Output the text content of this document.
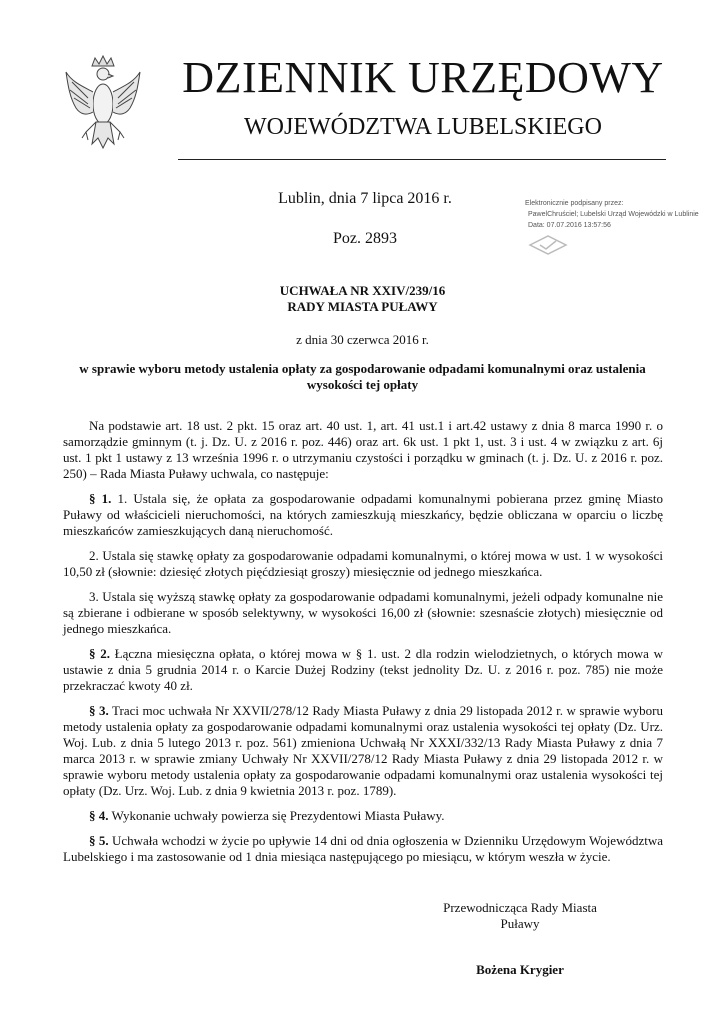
DZIENNIK URZĘDOWY
WOJEWÓDZTWA LUBELSKIEGO
Lublin, dnia 7 lipca 2016 r.
Poz. 2893
Elektronicznie podpisany przez:
PawelChruściel; Lubelski Urząd Wojewódzki w Lublinie
Data: 07.07.2016 13:57:56
UCHWAŁA NR XXIV/239/16
RADY MIASTA PUŁAWY
z dnia 30 czerwca 2016 r.
w sprawie wyboru metody ustalenia opłaty za gospodarowanie odpadami komunalnymi oraz ustalenia wysokości tej opłaty

Na podstawie art. 18 ust. 2 pkt. 15 oraz art. 40 ust. 1, art. 41 ust.1 i art.42 ustawy z dnia 8 marca 1990 r. o samorządzie gminnym (t. j. Dz. U. z 2016 r. poz. 446) oraz art. 6k ust. 1 pkt 1, ust. 3 i ust. 4 w związku z art. 6j ust. 1 pkt 1 ustawy z 13 września 1996 r. o utrzymaniu czystości i porządku w gminach (t. j. Dz. U. z 2016 r. poz. 250) – Rada Miasta Puławy uchwala, co następuje:

§ 1. 1. Ustala się, że opłata za gospodarowanie odpadami komunalnymi pobierana przez gminę Miasto Puławy od właścicieli nieruchomości, na których zamieszkują mieszkańcy, będzie obliczana w oparciu o liczbę mieszkańców zamieszkujących daną nieruchomość.

2. Ustala się stawkę opłaty za gospodarowanie odpadami komunalnymi, o której mowa w ust. 1 w wysokości 10,50 zł (słownie: dziesięć złotych pięćdziesiąt groszy) miesięcznie od jednego mieszkańca.

3. Ustala się wyższą stawkę opłaty za gospodarowanie odpadami komunalnymi, jeżeli odpady komunalne nie są zbierane i odbierane w sposób selektywny, w wysokości 16,00 zł (słownie: szesnaście złotych) miesięcznie od jednego mieszkańca.

§ 2. Łączna miesięczna opłata, o której mowa w § 1. ust. 2 dla rodzin wielodzietnych, o których mowa w ustawie z dnia 5 grudnia 2014 r. o Karcie Dużej Rodziny (tekst jednolity Dz. U. z 2016 r. poz. 785) nie może przekraczać kwoty 40 zł.

§ 3. Traci moc uchwała Nr XXVII/278/12 Rady Miasta Puławy z dnia 29 listopada 2012 r. w sprawie wyboru metody ustalenia opłaty za gospodarowanie odpadami komunalnymi oraz ustalenia wysokości tej opłaty (Dz. Urz. Woj. Lub. z dnia 5 lutego 2013 r. poz. 561) zmieniona Uchwałą Nr XXXI/332/13 Rady Miasta Puławy z dnia 7 marca 2013 r. w sprawie zmiany Uchwały Nr XXVII/278/12 Rady Miasta Puławy z dnia 29 listopada 2012 r. w sprawie wyboru metody ustalenia opłaty za gospodarowanie odpadami komunalnymi oraz ustalenia wysokości tej opłaty (Dz. Urz. Woj. Lub. z dnia 9 kwietnia 2013 r. poz. 1789).

§ 4. Wykonanie uchwały powierza się Prezydentowi Miasta Puławy.

§ 5. Uchwała wchodzi w życie po upływie 14 dni od dnia ogłoszenia w Dzienniku Urzędowym Województwa Lubelskiego i ma zastosowanie od 1 dnia miesiąca następującego po miesiącu, w którym weszła w życie.

Przewodnicząca Rady Miasta
Puławy
Bożena Krygier
